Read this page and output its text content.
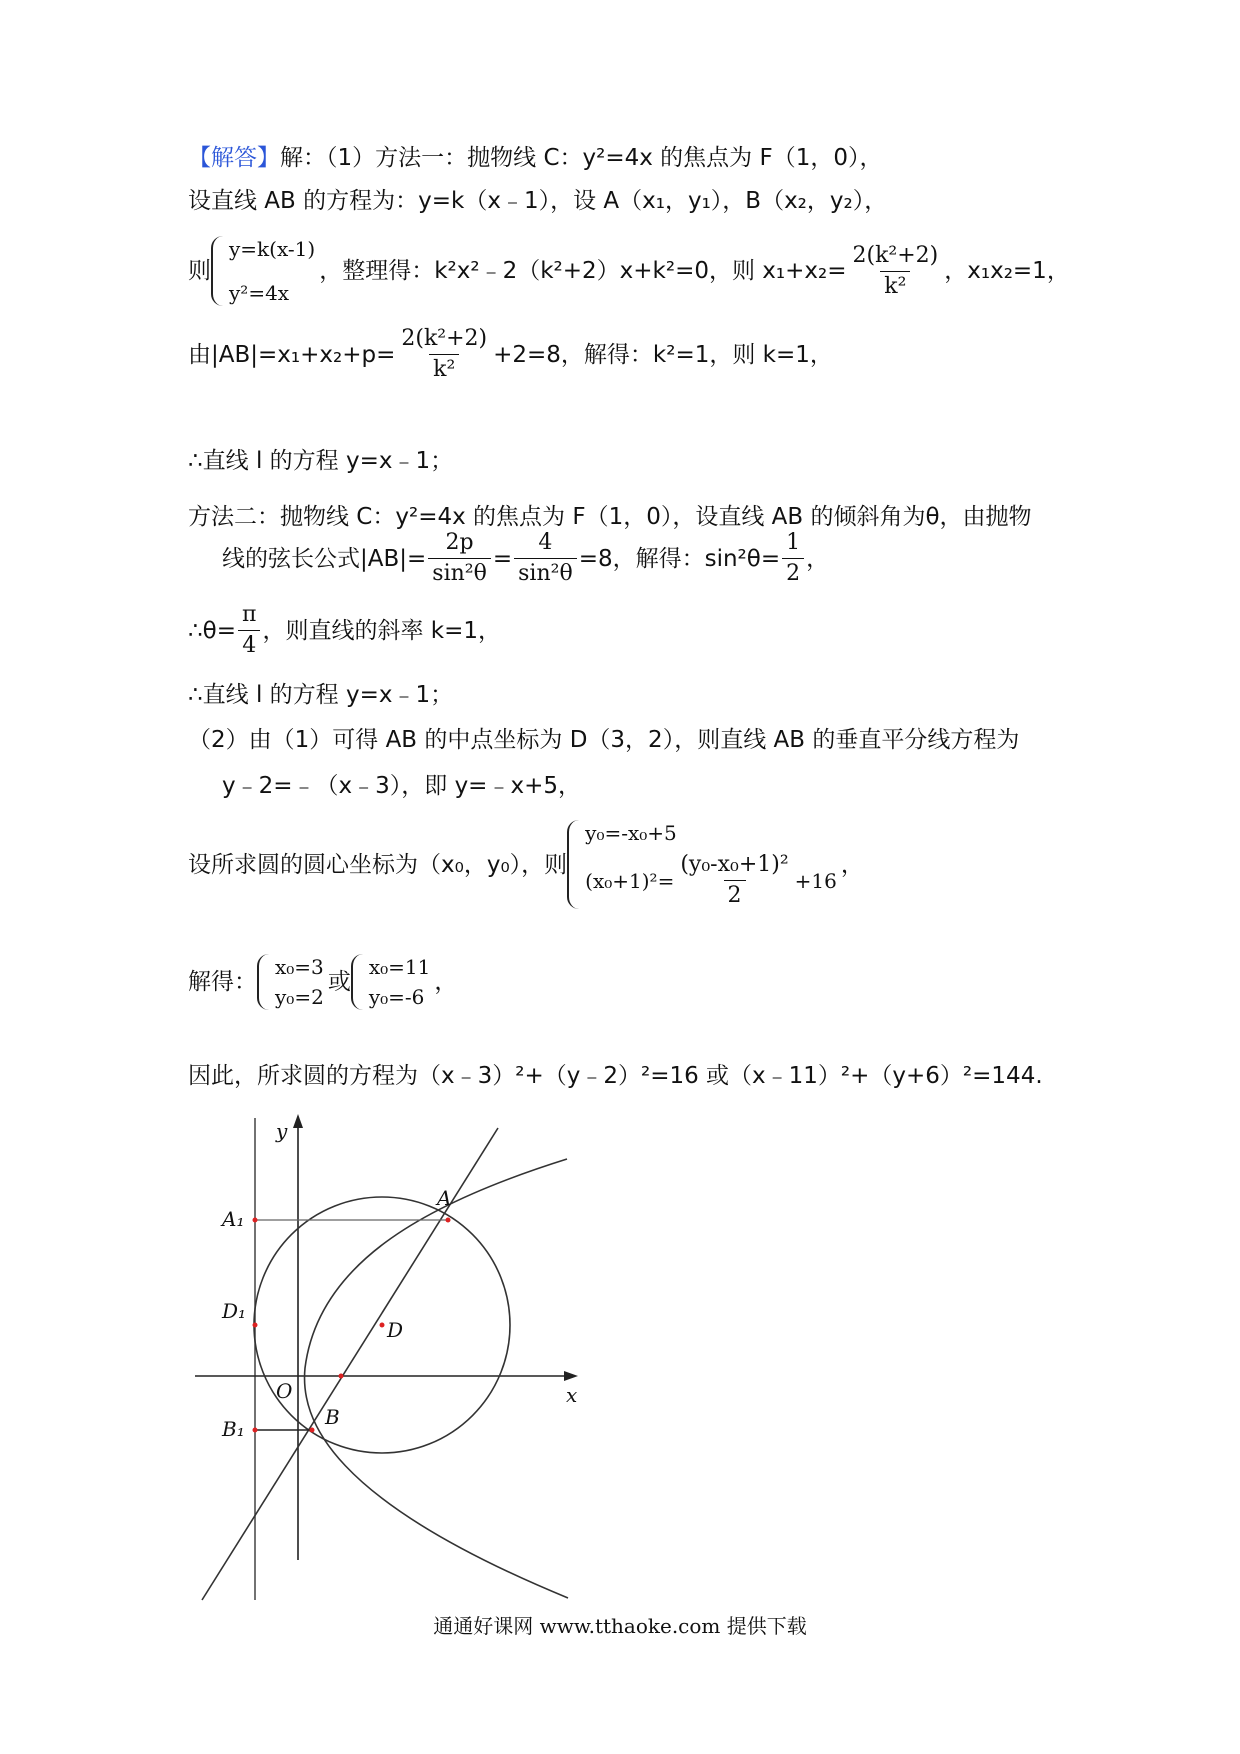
【解答】 解：（1）方法一：抛物线 C：y²=4x 的焦点为 F（1，0），
设直线 AB 的方程为：y=k（x﹣1），设 A（x₁，y₁），B（x₂，y₂），
则
y=k(x-1)
y²=4x
，整理得：k²x²﹣2（k²+2）x+k²=0，则 $x_1+x_2= \frac{\text{2(k²+2)}}{\text{k²}}$ ，x₁x₂=1，
由$|AB|=x_1+x_2+p= \frac{\text{2(k²+2)}}{\text{k²}} +2=8$，解得：k²=1，则 k=1，
∴直线 l 的方程 y=x﹣1；
方法二：抛物线 C：y²=4x 的焦点为 F（1，0），设直线 AB 的倾斜角为θ，由抛物
线的弦长公式$|AB|= \frac{2p}{\text{sin²θ}} = \frac{4}{\text{sin²θ}} =8$，解得：$\sin^2\theta= \frac{1}{2}$ ，
∴θ= $\frac{\pi}{4}$ ，则直线的斜率 k=1，
∴直线 l 的方程 y=x﹣1；
（2）由（1）可得 AB 的中点坐标为 D（3，2），则直线 AB 的垂直平分线方程为
y﹣2=﹣（x﹣3），即 y=﹣x+5，
设所求圆的圆心坐标为（x₀，y₀），则
y₀=-x₀+5
$(x_0+1)^2= \frac{\text{(y₀-x₀+1)²}}{2} +16$
，
解得：
x₀=3
y₀=2
或
x₀=11
y₀=-6
，
因此，所求圆的方程为（x﹣3）²+（y﹣2）²=16 或（x﹣11）²+（y+6）²=144.
y
x
O
A
B
D
A₁
B₁
D₁
通通好课网 www.tthaoke.com 提供下载
